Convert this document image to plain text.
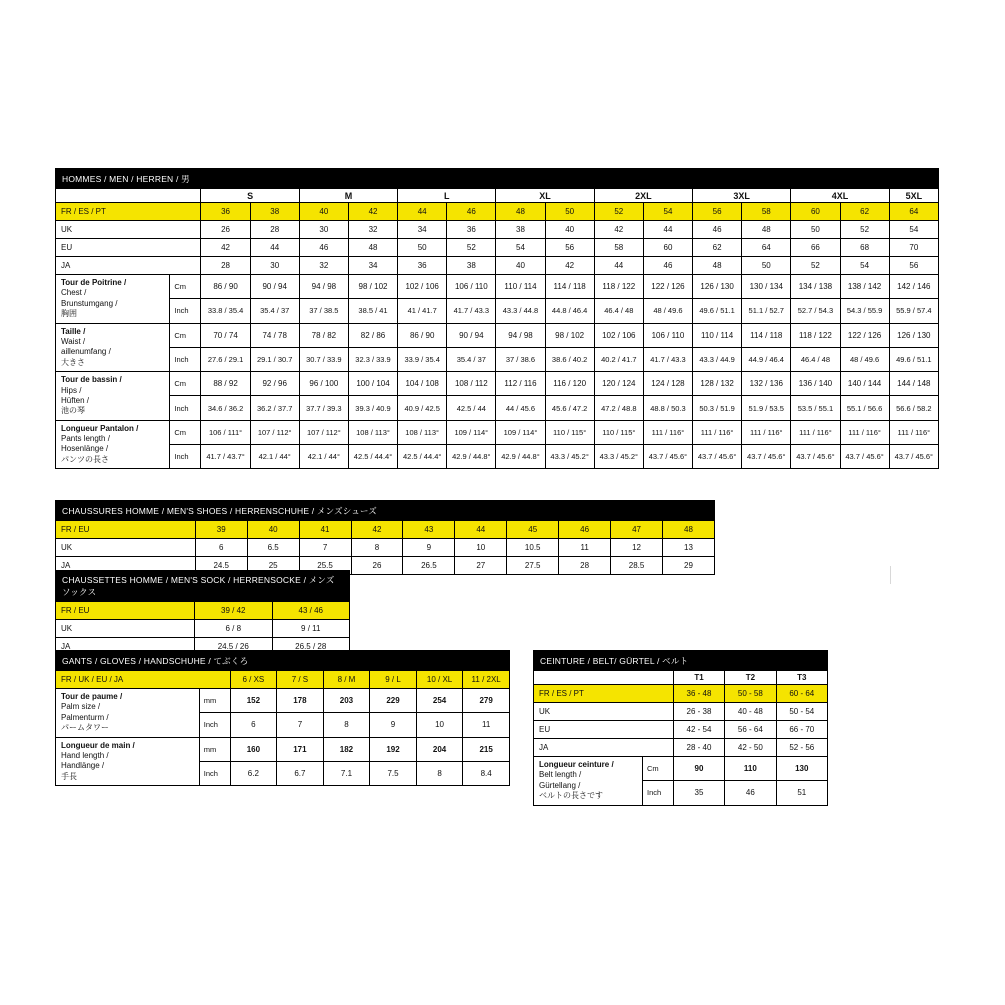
HOMMES / MEN / HERREN / 男																
		S		M		L		XL		2XL		3XL		4XL		5XL
FR / ES / PT		36	38	40	42	44	46	48	50	52	54	56	58	60	62	64
UK		26	28	30	32	34	36	38	40	42	44	46	48	50	52	54
EU		42	44	46	48	50	52	54	56	58	60	62	64	66	68	70
JA		28	30	32	34	36	38	40	42	44	46	48	50	52	54	56
Tour de Poitrine /
Chest /
Brunstumgang /
胸囲	Cm	86 / 90	90 / 94	94 / 98	98 / 102	102 / 106	106 / 110	110 / 114	114 / 118	118 / 122	122 / 126	126 / 130	130 / 134	134 / 138	138 / 142	142 / 146
	Inch	33.8 / 35.4	35.4 / 37	37 / 38.5	38.5 / 41	41 / 41.7	41.7 / 43.3	43.3 / 44.8	44.8 / 46.4	46.4 / 48	48 / 49.6	49.6 / 51.1	51.1 / 52.7	52.7 / 54.3	54.3 / 55.9	55.9 / 57.4
Taille /
Waist /
aillenumfang /
大きさ	Cm	70 / 74	74 / 78	78 / 82	82 / 86	86 / 90	90 / 94	94 / 98	98 / 102	102 / 106	106 / 110	110 / 114	114 / 118	118 / 122	122 / 126	126 / 130
	Inch	27.6 / 29.1	29.1 / 30.7	30.7 / 33.9	32.3 / 33.9	33.9 / 35.4	35.4 / 37	37 / 38.6	38.6 / 40.2	40.2 / 41.7	41.7 / 43.3	43.3 / 44.9	44.9 / 46.4	46.4 / 48	48 / 49.6	49.6 / 51.1
Tour de bassin /
Hips /
Hüften /
池の琴	Cm	88 / 92	92 / 96	96 / 100	100 / 104	104 / 108	108 / 112	112 / 116	116 / 120	120 / 124	124 / 128	128 / 132	132 / 136	136 / 140	140 / 144	144 / 148
	Inch	34.6 / 36.2	36.2 / 37.7	37.7 / 39.3	39.3 / 40.9	40.9 / 42.5	42.5 / 44	44 / 45.6	45.6 / 47.2	47.2 / 48.8	48.8 / 50.3	50.3 / 51.9	51.9 / 53.5	53.5 / 55.1	55.1 / 56.6	56.6 / 58.2
Longueur Pantalon /
Pants length /
Hosenlänge /
パンツの長さ	Cm	106 / 111°	107 / 112°	107 / 112°	108 / 113°	108 / 113°	109 / 114°	109 / 114°	110 / 115°	110 / 115°	111 / 116°	111 / 116°	111 / 116°	111 / 116°	111 / 116°	111 / 116°
	Inch	41.7 / 43.7°	42.1 / 44°	42.1 / 44°	42.5 / 44.4°	42.5 / 44.4°	42.9 / 44.8°	42.9 / 44.8°	43.3 / 45.2°	43.3 / 45.2°	43.7 / 45.6°	43.7 / 45.6°	43.7 / 45.6°	43.7 / 45.6°	43.7 / 45.6°	43.7 / 45.6°
CHAUSSURES HOMME / MEN'S SHOES / HERRENSCHUHE / メンズシューズ										
FR / EU	39	40	41	42	43	44	45	46	47	48
UK	6	6.5	7	8	9	10	10.5	11	12	13
JA	24.5	25	25.5	26	26.5	27	27.5	28	28.5	29
CHAUSSETTES HOMME / MEN'S SOCK / HERRENSOCKE / メンズソックス		
FR / EU	39 / 42	43 / 46
UK	6 / 8	9 / 11
JA	24.5 / 26	26.5 / 28
GANTS / GLOVES / HANDSCHUHE / てぶくろ							
FR / UK / EU / JA		6 / XS	7 / S	8 / M	9 / L	10 / XL	11 / 2XL
Tour de paume /
Palm size /
Palmenturm /
パームタワー	mm	152	178	203	229	254	279
	Inch	6	7	8	9	10	11
Longueur de main /
Hand length /
Handlänge /
手長	mm	160	171	182	192	204	215
	Inch	6.2	6.7	7.1	7.5	8	8.4
CEINTURE / BELT/ GÜRTEL / ベルト				
		T1	T2	T3
FR / ES / PT		36 - 48	50 - 58	60 - 64
UK		26 - 38	40 - 48	50 - 54
EU		42 - 54	56 - 64	66 - 70
JA		28 - 40	42 - 50	52 - 56
Longueur ceinture /
Belt length /
Gürtellang /
ベルトの長さです	Cm	90	110	130
	Inch	35	46	51
